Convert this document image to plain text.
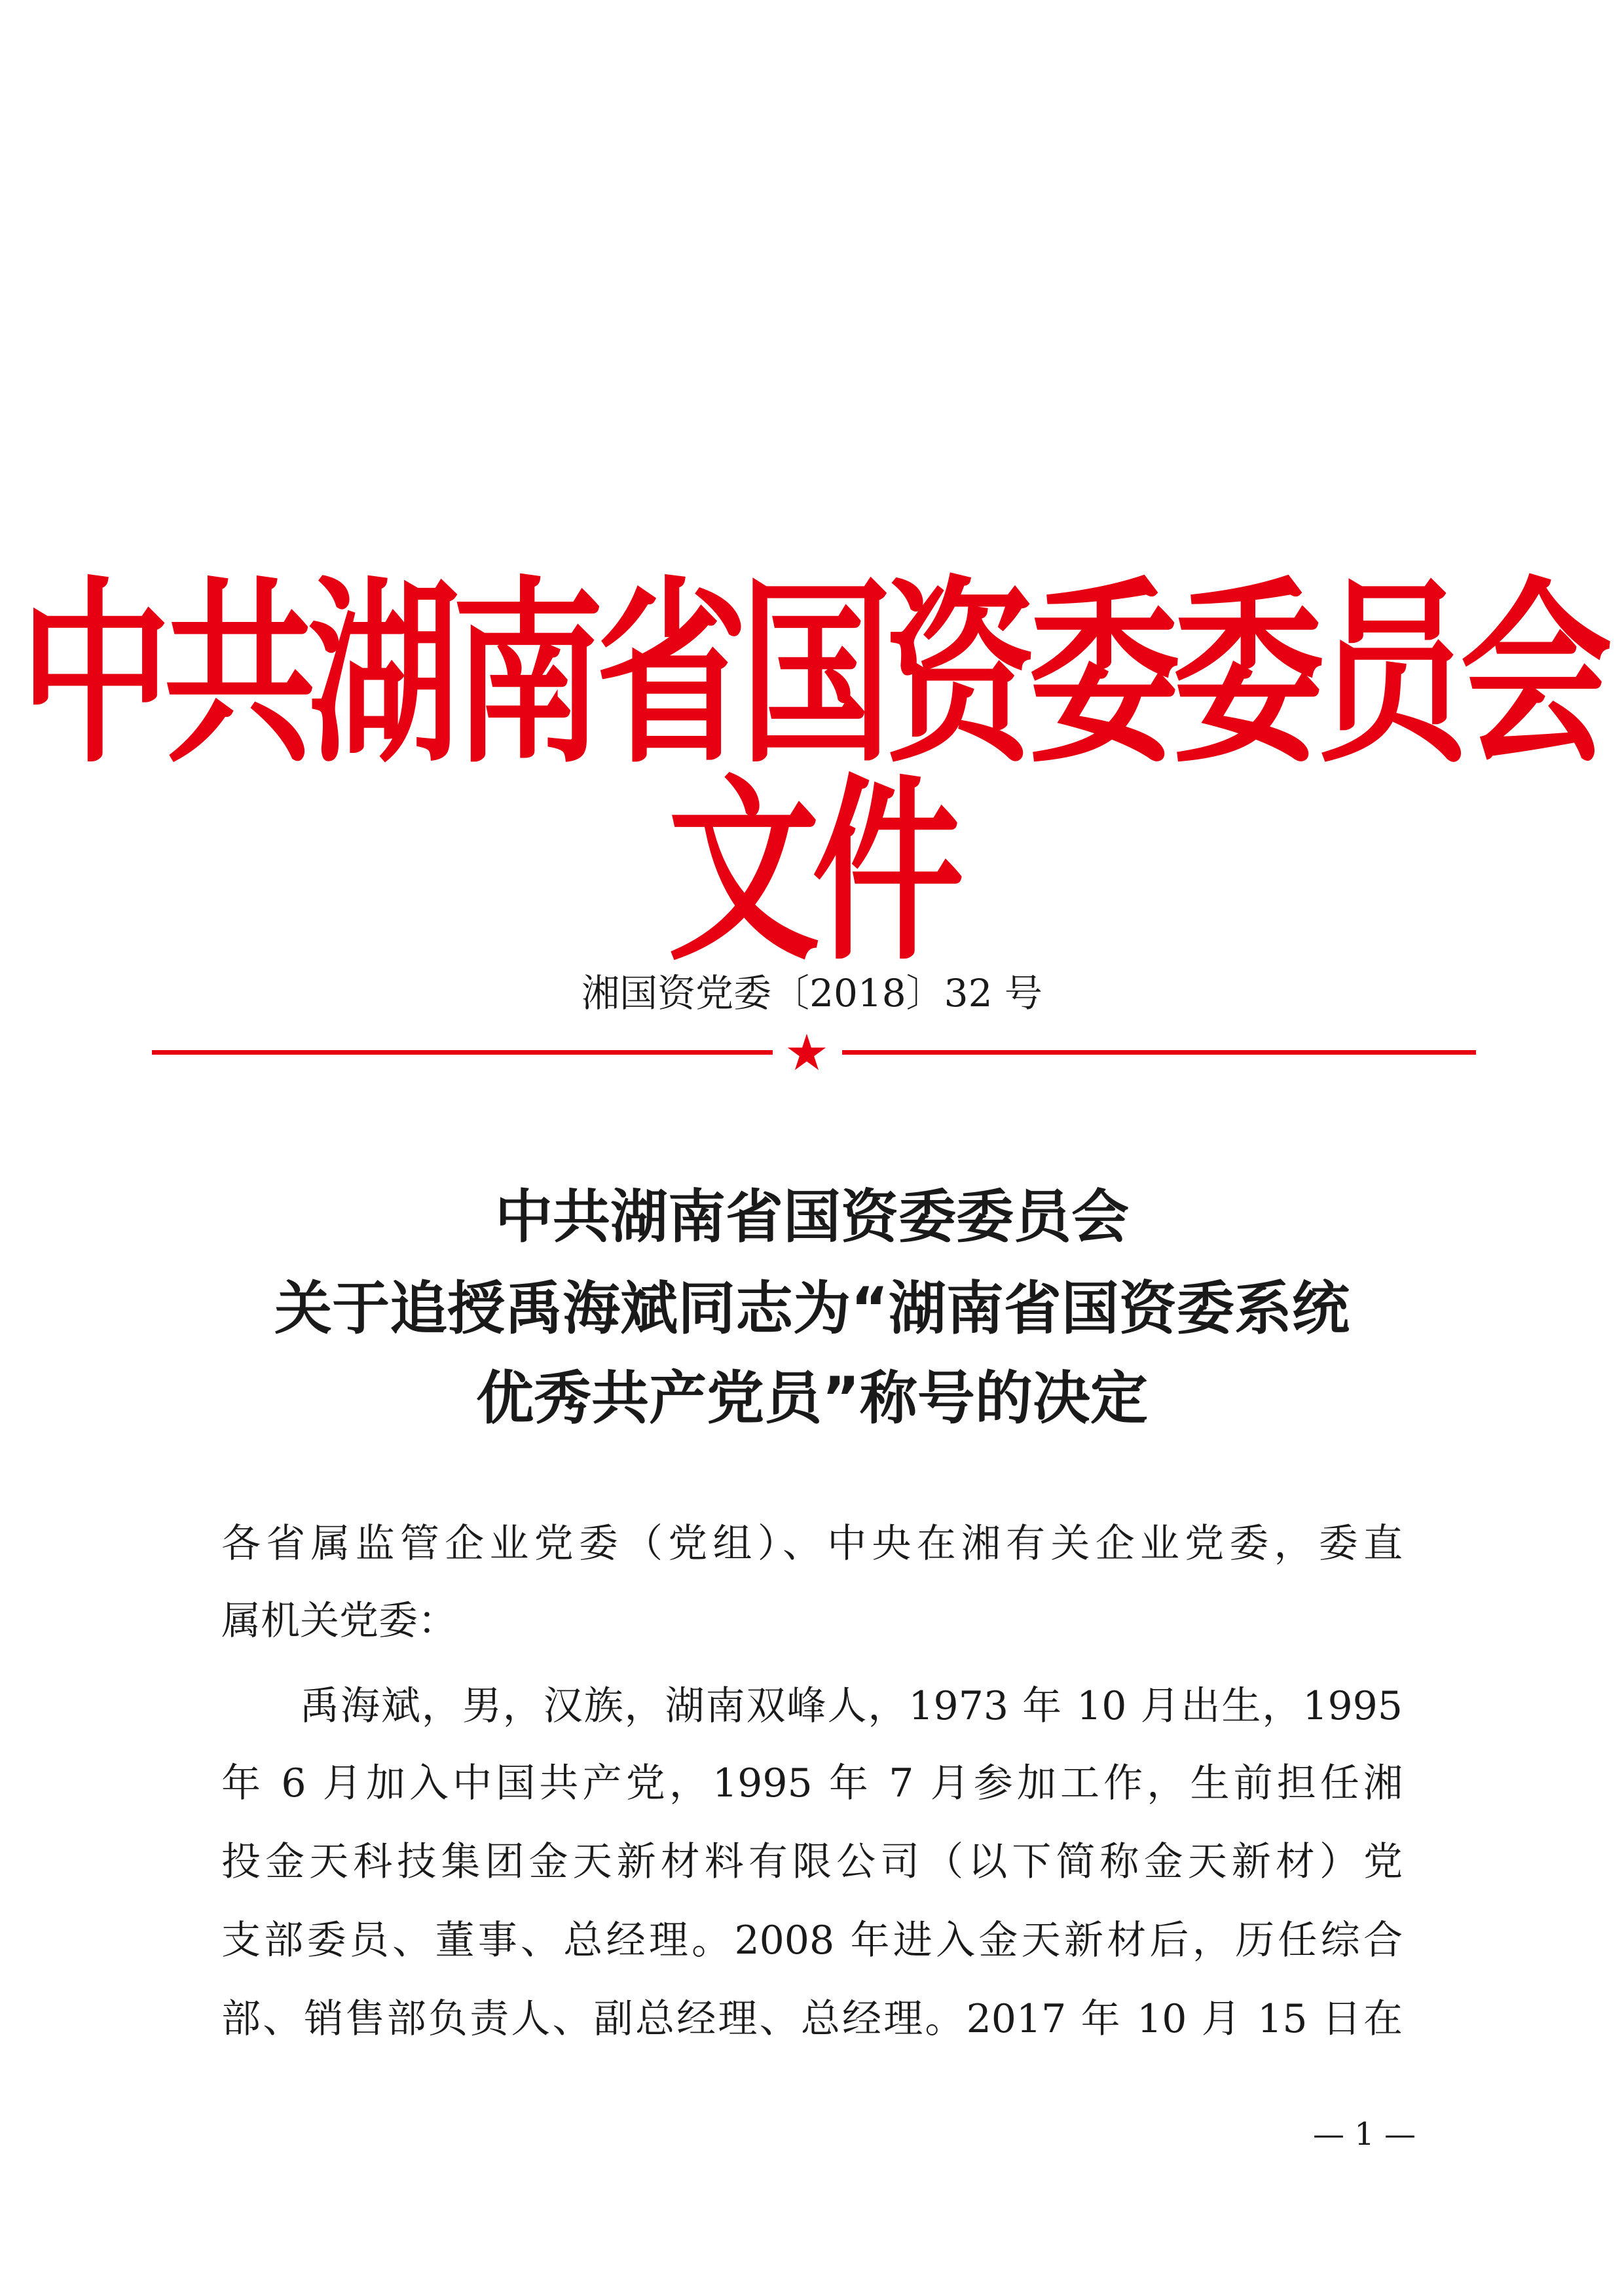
中共湖南省国资委委员会文件
湘国资党委〔2018〕32 号
★
中共湖南省国资委委员会
关于追授禹海斌同志为“湖南省国资委系统
优秀共产党员”称号的决定
各省属监管企业党委（党组）、中央在湘有关企业党委，委直
属机关党委：
禹海斌，男，汉族，湖南双峰人，1973 年 10 月出生，1995
年 6 月加入中国共产党，1995 年 7 月参加工作，生前担任湘
投金天科技集团金天新材料有限公司（以下简称金天新材）党
支部委员、董事、总经理。2008 年进入金天新材后，历任综合
部、销售部负责人、副总经理、总经理。2017 年 10 月 15 日在
— 1 —
